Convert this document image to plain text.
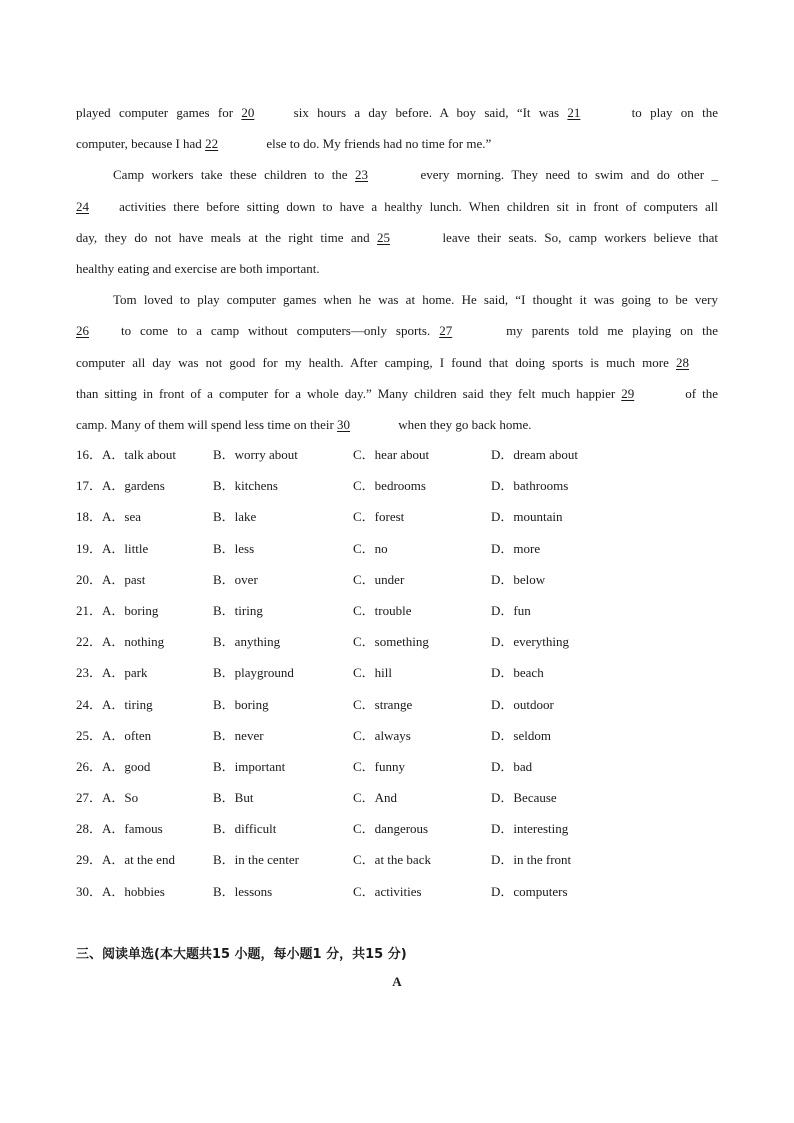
played computer games for 20 six hours a day before. A boy said, “It was 21	to play on the
computer, because I had 22	else to do. My friends had no time for me.”
Camp workers take these children to the 23	every morning. They need to swim and do other _
24 activities there before sitting down to have a healthy lunch. When children sit in front of computers all
day, they do not have meals at the right time and 25	leave their seats. So, camp workers believe that
healthy eating and exercise are both important.
Tom loved to play computer games when he was at home. He said, “I thought it was going to be very
26 to come to a camp without computers—only sports. 27	my parents told me playing on the
computer all day was not good for my health. After camping, I found that doing sports is much more 28
than sitting in front of a computer for a whole day.” Many children said they felt much happier 29	of the
camp. Many of them will spend less time on their 30	when they go back home.
16．A．talk about	B．worry about	C．hear about	D．dream about
17．A．gardens	B．kitchens	C．bedrooms	D．bathrooms
18．A．sea	B．lake	C．forest	D．mountain
19．A．little	B．less	C．no	D．more
20．A．past	B．over	C．under	D．below
21．A．boring	B．tiring	C．trouble	D．fun
22．A．nothing	B．anything	C．something	D．everything
23．A．park	B．playground	C．hill	D．beach
24．A．tiring	B．boring	C．strange	D．outdoor
25．A．often	B．never	C．always	D．seldom
26．A．good	B．important	C．funny	D．bad
27．A．So	B．But	C．And	D．Because
28．A．famous	B．difficult	C．dangerous	D．interesting
29．A．at the end	B．in the center	C．at the back	D．in the front
30．A．hobbies	B．lessons	C．activities	D．computers
三、阅读单选(本大题共15 小题，每小题1 分，共15 分)
A
